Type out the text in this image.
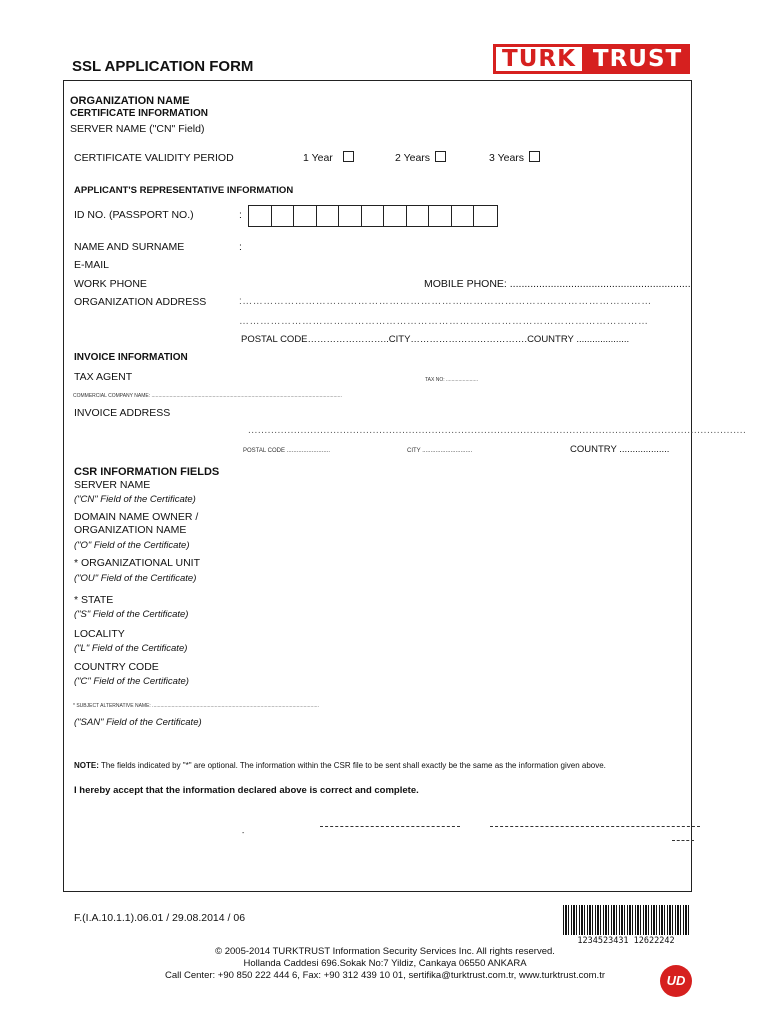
SSL APPLICATION FORM	TURK TRUST
ORGANIZATION NAME
CERTIFICATE INFORMATION
SERVER NAME ("CN" Field)
CERTIFICATE VALIDITY PERIOD	1 Year	2 Years	3 Years
APPLICANT'S REPRESENTATIVE INFORMATION
ID NO. (PASSPORT NO.)	:
NAME AND SURNAME	:
E-MAIL
WORK PHONE	MOBILE PHONE: ..............................................................
ORGANIZATION ADDRESS	:………………………………………………………………………………………………………
………………………………………………………………………………………………………
POSTAL CODE……………………..CITY……………………………….COUNTRY ....................
INVOICE INFORMATION
TAX AGENT	TAX NO: .......................
COMMERCIAL COMPANY NAME: .........................................................................................................................................
INVOICE ADDRESS
........................................................................................................................................................
POSTAL CODE ..........................	CITY ..............................	COUNTRY ...................
CSR INFORMATION FIELDS
SERVER NAME
("CN" Field of the Certificate)
DOMAIN NAME OWNER /
ORGANIZATION NAME
("O" Field of the Certificate)
* ORGANIZATIONAL UNIT
("OU" Field of the Certificate)
* STATE
("S" Field of the Certificate)
LOCALITY
("L" Field of the Certificate)
COUNTRY CODE
("C" Field of the Certificate)
* SUBJECT ALTERNATIVE NAME: ........................................................................................................................
("SAN" Field of the Certificate)
NOTE: The fields indicated by "*" are optional. The information within the CSR file to be sent shall exactly be the same as the information given above.
I hereby accept that the information declared above is correct and complete.
-
F.(I.A.10.1.1).06.01 / 29.08.2014 / 06
1234523431 12622242
© 2005-2014 TURKTRUST Information Security Services Inc. All rights reserved.
Hollanda Caddesi 696.Sokak No:7 Yildiz, Cankaya 06550 ANKARA
Call Center: +90 850 222 444 6, Fax: +90 312 439 10 01, sertifika@turktrust.com.tr, www.turktrust.com.tr	UD
